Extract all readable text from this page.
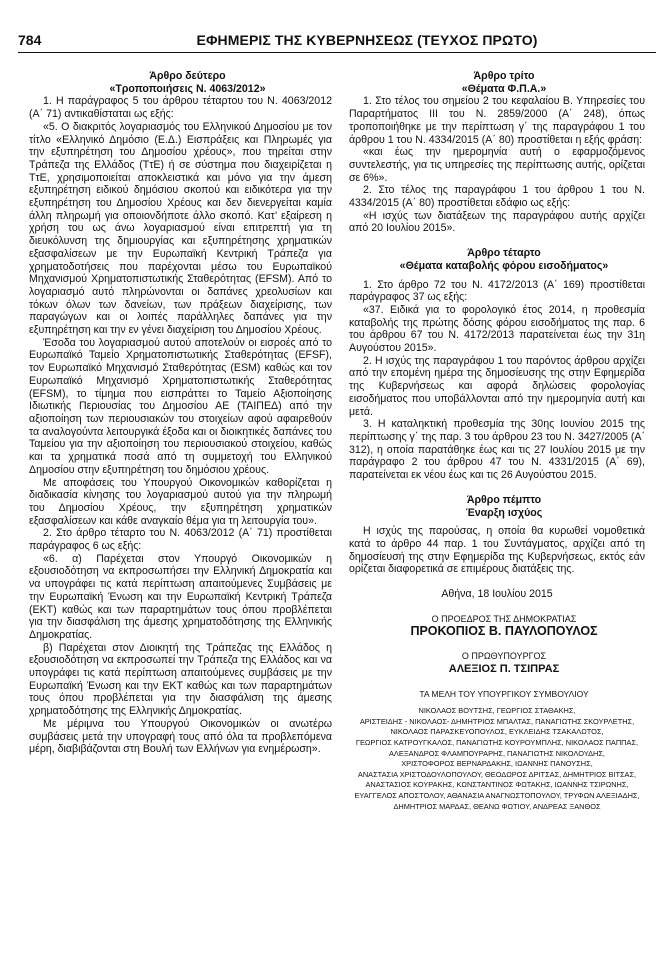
784	ΕΦΗΜΕΡΙΣ ΤΗΣ ΚΥΒΕΡΝΗΣΕΩΣ (ΤΕΥΧΟΣ ΠΡΩΤΟ)

Άρθρο δεύτερο

«Τροποποιήσεις Ν. 4063/2012»

1. Η παράγραφος 5 του άρθρου τέταρτου του Ν. 4063/2012 (Α΄ 71) αντικαθίσταται ως εξής:

«5. Ο διακριτός λογαριασμός του Ελληνικού Δημοσίου με τον τίτλο «Ελληνικό Δημόσιο (Ε.Δ.) Εισπράξεις και Πληρωμές για την εξυπηρέτηση του Δημοσίου χρέους», που τηρείται στην Τράπεζα της Ελλάδος (ΤτΕ) ή σε σύστημα που διαχειρίζεται η ΤτΕ, χρησιμοποιείται αποκλειστικά και μόνο για την άμεση εξυπηρέτηση ειδικού δημόσιου σκοπού και ειδικότερα για την εξυπηρέτηση του Δημοσίου Χρέους και δεν διενεργείται καμία άλλη πληρωμή για οποιονδήποτε άλλο σκοπό. Κατ’ εξαίρεση η χρήση του ως άνω λογαριασμού είναι επιτρεπτή για τη διευκόλυνση της δημιουργίας και εξυπηρέτησης χρηματικών εξασφαλίσεων με την Ευρωπαϊκή Κεντρική Τράπεζα για χρηματοδοτήσεις που παρέχονται μέσω του Ευρωπαϊκού Μηχανισμού Χρηματοπιστωτικής Σταθερότητας (EFSM). Από το λογαριασμό αυτό πληρώνονται οι δαπάνες χρεολυσίων και τόκων όλων των δανείων, των πράξεων διαχείρισης, των παραγώγων και οι λοιπές παράλληλες δαπάνες για την εξυπηρέτηση και την εν γένει διαχείριση του Δημοσίου Χρέους.

Έσοδα του λογαριασμού αυτού αποτελούν οι εισροές από το Ευρωπαϊκό Ταμείο Χρηματοπιστωτικής Σταθερότητας (EFSF), τον Ευρωπαϊκό Μηχανισμό Σταθερότητας (ESM) καθώς και τον Ευρωπαϊκό Μηχανισμό Χρηματοπιστωτικής Σταθερότητας (EFSM), το τίμημα που εισπράττει το Ταμείο Αξιοποίησης Ιδιωτικής Περιουσίας του Δημοσίου ΑΕ (ΤΑΙΠΕΔ) από την αξιοποίηση των περιουσιακών του στοιχείων αφού αφαιρεθούν τα αναλογούντα λειτουργικά έξοδα και οι διοικητικές δαπάνες του Ταμείου για την αξιοποίηση του περιουσιακού στοιχείου, καθώς και τα χρηματικά ποσά από τη συμμετοχή του Ελληνικού Δημοσίου στην εξυπηρέτηση του δημόσιου χρέους.

Με αποφάσεις του Υπουργού Οικονομικών καθορίζεται η διαδικασία κίνησης του λογαριασμού αυτού για την πληρωμή του Δημοσίου Χρέους, την εξυπηρέτηση χρηματικών εξασφαλίσεων και κάθε αναγκαίο θέμα για τη λειτουργία του».

2. Στο άρθρο τέταρτο του Ν. 4063/2012 (Α΄ 71) προστίθεται παράγραφος 6 ως εξής:

«6. α) Παρέχεται στον Υπουργό Οικονομικών η εξουσιοδότηση να εκπροσωπήσει την Ελληνική Δημοκρατία και να υπογράφει τις κατά περίπτωση απαιτούμενες Συμβάσεις με την Ευρωπαϊκή Ένωση και την Ευρωπαϊκή Κεντρική Τράπεζα (ΕΚΤ) καθώς και των παραρτημάτων τους όπου προβλέπεται για την διασφάλιση της άμεσης χρηματοδότησης της Ελληνικής Δημοκρατίας.

β) Παρέχεται στον Διοικητή της Τράπεζας της Ελλάδος η εξουσιοδότηση να εκπροσωπεί την Τράπεζα της Ελλάδος και να υπογράφει τις κατά περίπτωση απαιτούμενες συμβάσεις με την Ευρωπαϊκή Ένωση και την ΕΚΤ καθώς και των παραρτημάτων τους όπου προβλέπεται για την διασφάλιση της άμεσης χρηματοδότησης της Ελληνικής Δημοκρατίας.

Με μέριμνα του Υπουργού Οικονομικών οι ανωτέρω συμβάσεις μετά την υπογραφή τους από όλα τα προβλεπόμενα μέρη, διαβιβάζονται στη Βουλή των Ελλήνων για ενημέρωση».

Άρθρο τρίτο

«Θέματα Φ.Π.Α.»

1. Στο τέλος του σημείου 2 του κεφαλαίου Β. Υπηρεσίες του Παραρτήματος ΙΙΙ του Ν. 2859/2000 (Α΄ 248), όπως τροποποιήθηκε με την περίπτωση γ΄ της παραγράφου 1 του άρθρου 1 του Ν. 4334/2015 (Α΄ 80) προστίθεται η εξής φράση:

«και έως την ημερομηνία αυτή ο εφαρμοζόμενος συντελεστής, για τις υπηρεσίες της περίπτωσης αυτής, ορίζεται σε 6%».

2. Στο τέλος της παραγράφου 1 του άρθρου 1 του Ν. 4334/2015 (Α΄ 80) προστίθεται εδάφιο ως εξής:

«Η ισχύς των διατάξεων της παραγράφου αυτής αρχίζει από 20 Ιουλίου 2015».

Άρθρο τέταρτο

«Θέματα καταβολής φόρου εισοδήματος»

1. Στο άρθρο 72 του Ν. 4172/2013 (Α΄ 169) προστίθεται παράγραφος 37 ως εξής:

«37. Ειδικά για το φορολογικό έτος 2014, η προθεσμία καταβολής της πρώτης δόσης φόρου εισοδήματος της παρ. 6 του άρθρου 67 του Ν. 4172/2013 παρατείνεται έως την 31η Αυγούστου 2015».

2. Η ισχύς της παραγράφου 1 του παρόντος άρθρου αρχίζει από την επομένη ημέρα της δημοσίευσης της στην Εφημερίδα της Κυβερνήσεως και αφορά δηλώσεις φορολογίας εισοδήματος που υποβάλλονται από την ημερομηνία αυτή και μετά.

3. Η καταληκτική προθεσμία της 30ης Ιουνίου 2015 της περίπτωσης γ΄ της παρ. 3 του άρθρου 23 του Ν. 3427/2005 (Α΄ 312), η οποία παρατάθηκε έως και τις 27 Ιουλίου 2015 με την παράγραφο 2 του άρθρου 47 του Ν. 4331/2015 (Α΄ 69), παρατείνεται εκ νέου έως και τις 26 Αυγούστου 2015.

Άρθρο πέμπτο

Έναρξη ισχύος

Η ισχύς της παρούσας, η οποία θα κυρωθεί νομοθετικά κατά το άρθρο 44 παρ. 1 του Συντάγματος, αρχίζει από τη δημοσίευσή της στην Εφημερίδα της Κυβερνήσεως, εκτός εάν ορίζεται διαφορετικά σε επιμέρους διατάξεις της.

Αθήνα, 18 Ιουλίου 2015

Ο ΠΡΟΕΔΡΟΣ ΤΗΣ ΔΗΜΟΚΡΑΤΙΑΣ

ΠΡΟΚΟΠΙΟΣ Β. ΠΑΥΛΟΠΟΥΛΟΣ

Ο ΠΡΩΘΥΠΟΥΡΓΟΣ

ΑΛΕΞΙΟΣ Π. ΤΣΙΠΡΑΣ

ΤΑ ΜΕΛΗ ΤΟΥ ΥΠΟΥΡΓΙΚΟΥ ΣΥΜΒΟΥΛΙΟΥ

ΝΙΚΟΛΑΟΣ ΒΟΥΤΣΗΣ, ΓΕΩΡΓΙΟΣ ΣΤΑΘΑΚΗΣ,
ΑΡΙΣΤΕΙΔΗΣ - ΝΙΚΟΛΑΟΣ- ΔΗΜΗΤΡΙΟΣ ΜΠΑΛΤΑΣ, ΠΑΝΑΓΙΩΤΗΣ ΣΚΟΥΡΛΕΤΗΣ,
ΝΙΚΟΛΑΟΣ ΠΑΡΑΣΚΕΥΟΠΟΥΛΟΣ, ΕΥΚΛΕΙΔΗΣ ΤΣΑΚΑΛΩΤΟΣ,
ΓΕΩΡΓΙΟΣ ΚΑΤΡΟΥΓΚΑΛΟΣ, ΠΑΝΑΓΙΩΤΗΣ ΚΟΥΡΟΥΜΠΛΗΣ, ΝΙΚΟΛΑΟΣ ΠΑΠΠΑΣ,
ΑΛΕΞΑΝΔΡΟΣ ΦΛΑΜΠΟΥΡΑΡΗΣ, ΠΑΝΑΓΙΩΤΗΣ ΝΙΚΟΛΟΥΔΗΣ,
ΧΡΙΣΤΟΦΟΡΟΣ ΒΕΡΝΑΡΔΑΚΗΣ, ΙΩΑΝΝΗΣ ΠΑΝΟΥΣΗΣ,
ΑΝΑΣΤΑΣΙΑ ΧΡΙΣΤΟΔΟΥΛΟΠΟΥΛΟΥ, ΘΕΟΔΩΡΟΣ ΔΡΙΤΣΑΣ, ΔΗΜΗΤΡΙΟΣ ΒΙΤΣΑΣ,
ΑΝΑΣΤΑΣΙΟΣ ΚΟΥΡΑΚΗΣ, ΚΩΝΣΤΑΝΤΙΝΟΣ ΦΩΤΑΚΗΣ, ΙΩΑΝΝΗΣ ΤΣΙΡΩΝΗΣ,
ΕΥΑΓΓΕΛΟΣ ΑΠΟΣΤΟΛΟΥ, ΑΘΑΝΑΣΙΑ ΑΝΑΓΝΩΣΤΟΠΟΥΛΟΥ, ΤΡΥΦΩΝ ΑΛΕΞΙΑΔΗΣ,
ΔΗΜΗΤΡΙΟΣ ΜΑΡΔΑΣ, ΘΕΑΝΩ ΦΩΤΙΟΥ, ΑΝΔΡΕΑΣ ΞΑΝΘΟΣ
